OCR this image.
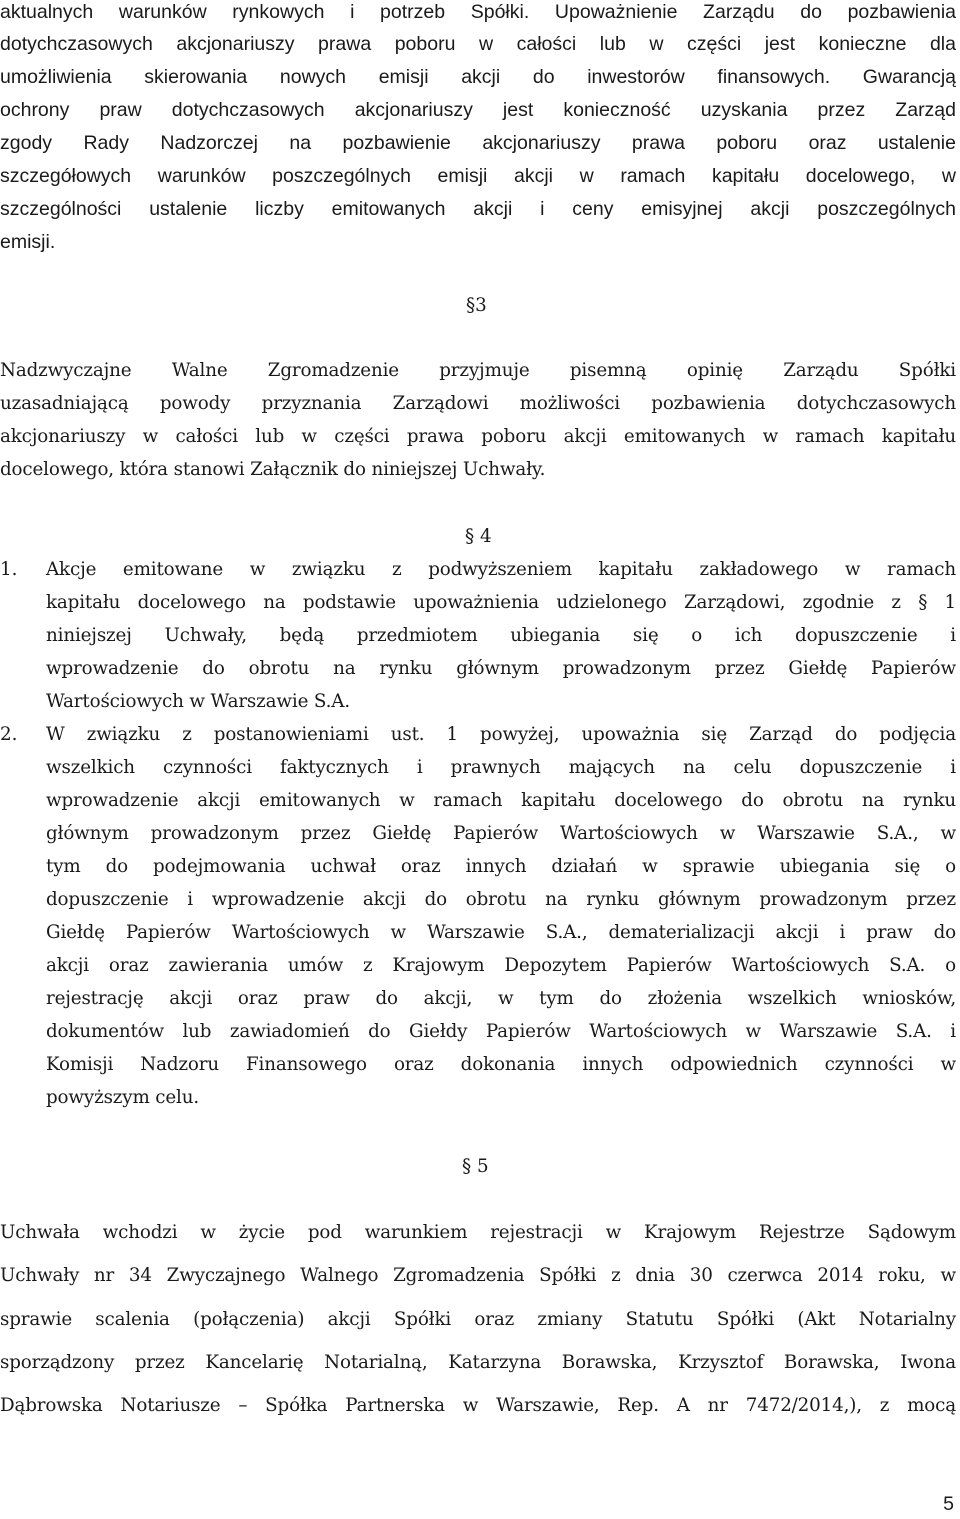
aktualnych warunków rynkowych i potrzeb Spółki. Upoważnienie Zarządu do pozbawienia
dotychczasowych akcjonariuszy prawa poboru w całości lub w części jest konieczne dla
umożliwienia skierowania nowych emisji akcji do inwestorów finansowych. Gwarancją
ochrony praw dotychczasowych akcjonariuszy jest konieczność uzyskania przez Zarząd
zgody Rady Nadzorczej na pozbawienie akcjonariuszy prawa poboru oraz ustalenie
szczegółowych warunków poszczególnych emisji akcji w ramach kapitału docelowego, w
szczególności ustalenie liczby emitowanych akcji i ceny emisyjnej akcji poszczególnych
emisji.
§3
Nadzwyczajne Walne Zgromadzenie przyjmuje pisemną opinię Zarządu Spółki
uzasadniającą powody przyznania Zarządowi możliwości pozbawienia dotychczasowych
akcjonariuszy w całości lub w części prawa poboru akcji emitowanych w ramach kapitału
docelowego, która stanowi Załącznik do niniejszej Uchwały.
§ 4
1. Akcje emitowane w związku z podwyższeniem kapitału zakładowego w ramach
kapitału docelowego na podstawie upoważnienia udzielonego Zarządowi, zgodnie z § 1
niniejszej Uchwały, będą przedmiotem ubiegania się o ich dopuszczenie i
wprowadzenie do obrotu na rynku głównym prowadzonym przez Giełdę Papierów
Wartościowych w Warszawie S.A.
2. W związku z postanowieniami ust. 1 powyżej, upoważnia się Zarząd do podjęcia
wszelkich czynności faktycznych i prawnych mających na celu dopuszczenie i
wprowadzenie akcji emitowanych w ramach kapitału docelowego do obrotu na rynku
głównym prowadzonym przez Giełdę Papierów Wartościowych w Warszawie S.A., w
tym do podejmowania uchwał oraz innych działań w sprawie ubiegania się o
dopuszczenie i wprowadzenie akcji do obrotu na rynku głównym prowadzonym przez
Giełdę Papierów Wartościowych w Warszawie S.A., dematerializacji akcji i praw do
akcji oraz zawierania umów z Krajowym Depozytem Papierów Wartościowych S.A. o
rejestrację akcji oraz praw do akcji, w tym do złożenia wszelkich wniosków,
dokumentów lub zawiadomień do Giełdy Papierów Wartościowych w Warszawie S.A. i
Komisji Nadzoru Finansowego oraz dokonania innych odpowiednich czynności w
powyższym celu.
§ 5
Uchwała wchodzi w życie pod warunkiem rejestracji w Krajowym Rejestrze Sądowym
Uchwały nr 34 Zwyczajnego Walnego Zgromadzenia Spółki z dnia 30 czerwca 2014 roku, w
sprawie scalenia (połączenia) akcji Spółki oraz zmiany Statutu Spółki (Akt Notarialny
sporządzony przez Kancelarię Notarialną, Katarzyna Borawska, Krzysztof Borawska, Iwona
Dąbrowska Notariusze – Spółka Partnerska w Warszawie, Rep. A nr 7472/2014,), z mocą
5
